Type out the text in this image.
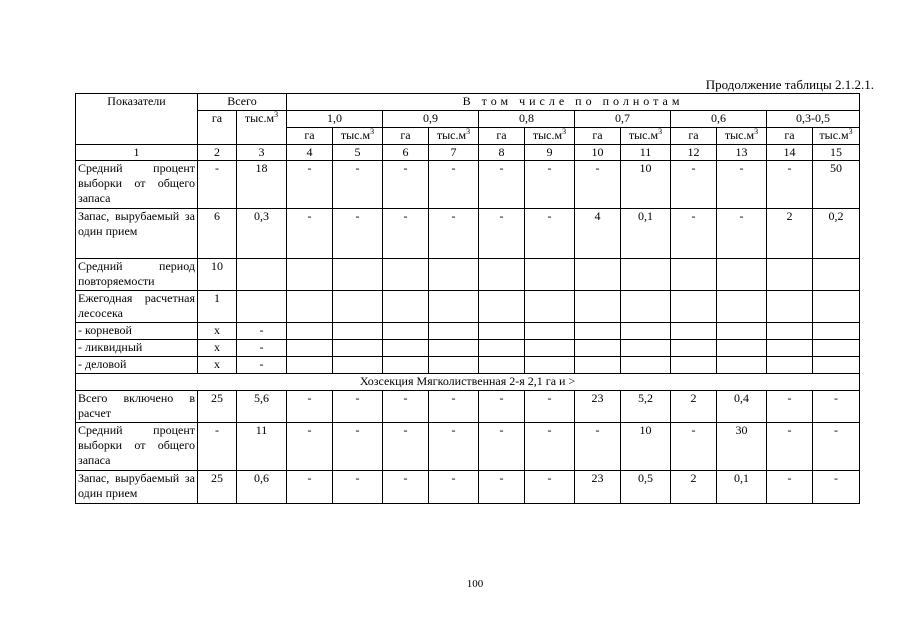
Продолжение таблицы 2.1.2.1.
Показатели	Всего		В том числе по полнотам											
	га	$тыс.м^3$	1,0		0,9		0,8		0,7		0,6		0,3-0,5	
			га	$тыс.м^3$	га	$тыс.м^3$	га	$тыс.м^3$	га	$тыс.м^3$	га	$тыс.м^3$	га	$тыс.м^3$
1	2	3	4	5	6	7	8	9	10	11	12	13	14	15
Средний процент выборки от общего запаса	-	18	-	-	-	-	-	-	-	10	-	-	-	50
Запас, вырубаемый за один прием	6	0,3	-	-	-	-	-	-	4	0,1	-	-	2	0,2
Средний период повторяемости	10													
Ежегодная расчетная лесосека	1													
- корневой	x	-												
- ликвидный	x	-												
- деловой	x	-												
Хозсекция Мягколиственная 2-я 2,1 га и >														
Всего включено в расчет	25	5,6	-	-	-	-	-	-	23	5,2	2	0,4	-	-
Средний процент выборки от общего запаса	-	11	-	-	-	-	-	-	-	10	-	30	-	-
Запас, вырубаемый за один прием	25	0,6	-	-	-	-	-	-	23	0,5	2	0,1	-	-
100
